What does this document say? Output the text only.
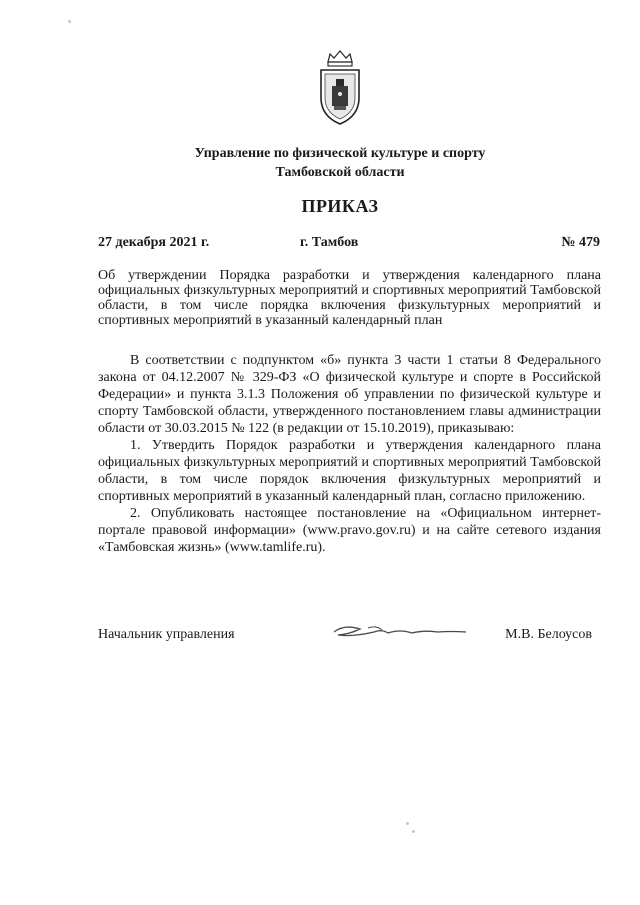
Управление по физической культуре и спорту
Тамбовской области
ПРИКАЗ
27 декабря 2021 г.	г. Тамбов	№ 479
Об утверждении Порядка разработки и утверждения календарного плана официальных физкультурных мероприятий и спортивных мероприятий Тамбовской области, в том числе порядка включения физкультурных мероприятий и спортивных мероприятий в указанный календарный план

В соответствии с подпунктом «б» пункта 3 части 1 статьи 8 Федерального закона от 04.12.2007 № 329-ФЗ «О физической культуре и спорте в Российской Федерации» и пункта 3.1.3 Положения об управлении по физической культуре и спорту Тамбовской области, утвержденного постановлением главы администрации области от 30.03.2015 № 122 (в редакции от 15.10.2019), приказываю:

1. Утвердить Порядок разработки и утверждения календарного плана официальных физкультурных мероприятий и спортивных мероприятий Тамбовской области, в том числе порядок включения физкультурных мероприятий и спортивных мероприятий в указанный календарный план, согласно приложению.

2. Опубликовать настоящее постановление на «Официальном интернет-портале правовой информации» (www.pravo.gov.ru) и на сайте сетевого издания «Тамбовская жизнь» (www.tamlife.ru).

Начальник управления	М.В. Белоусов
